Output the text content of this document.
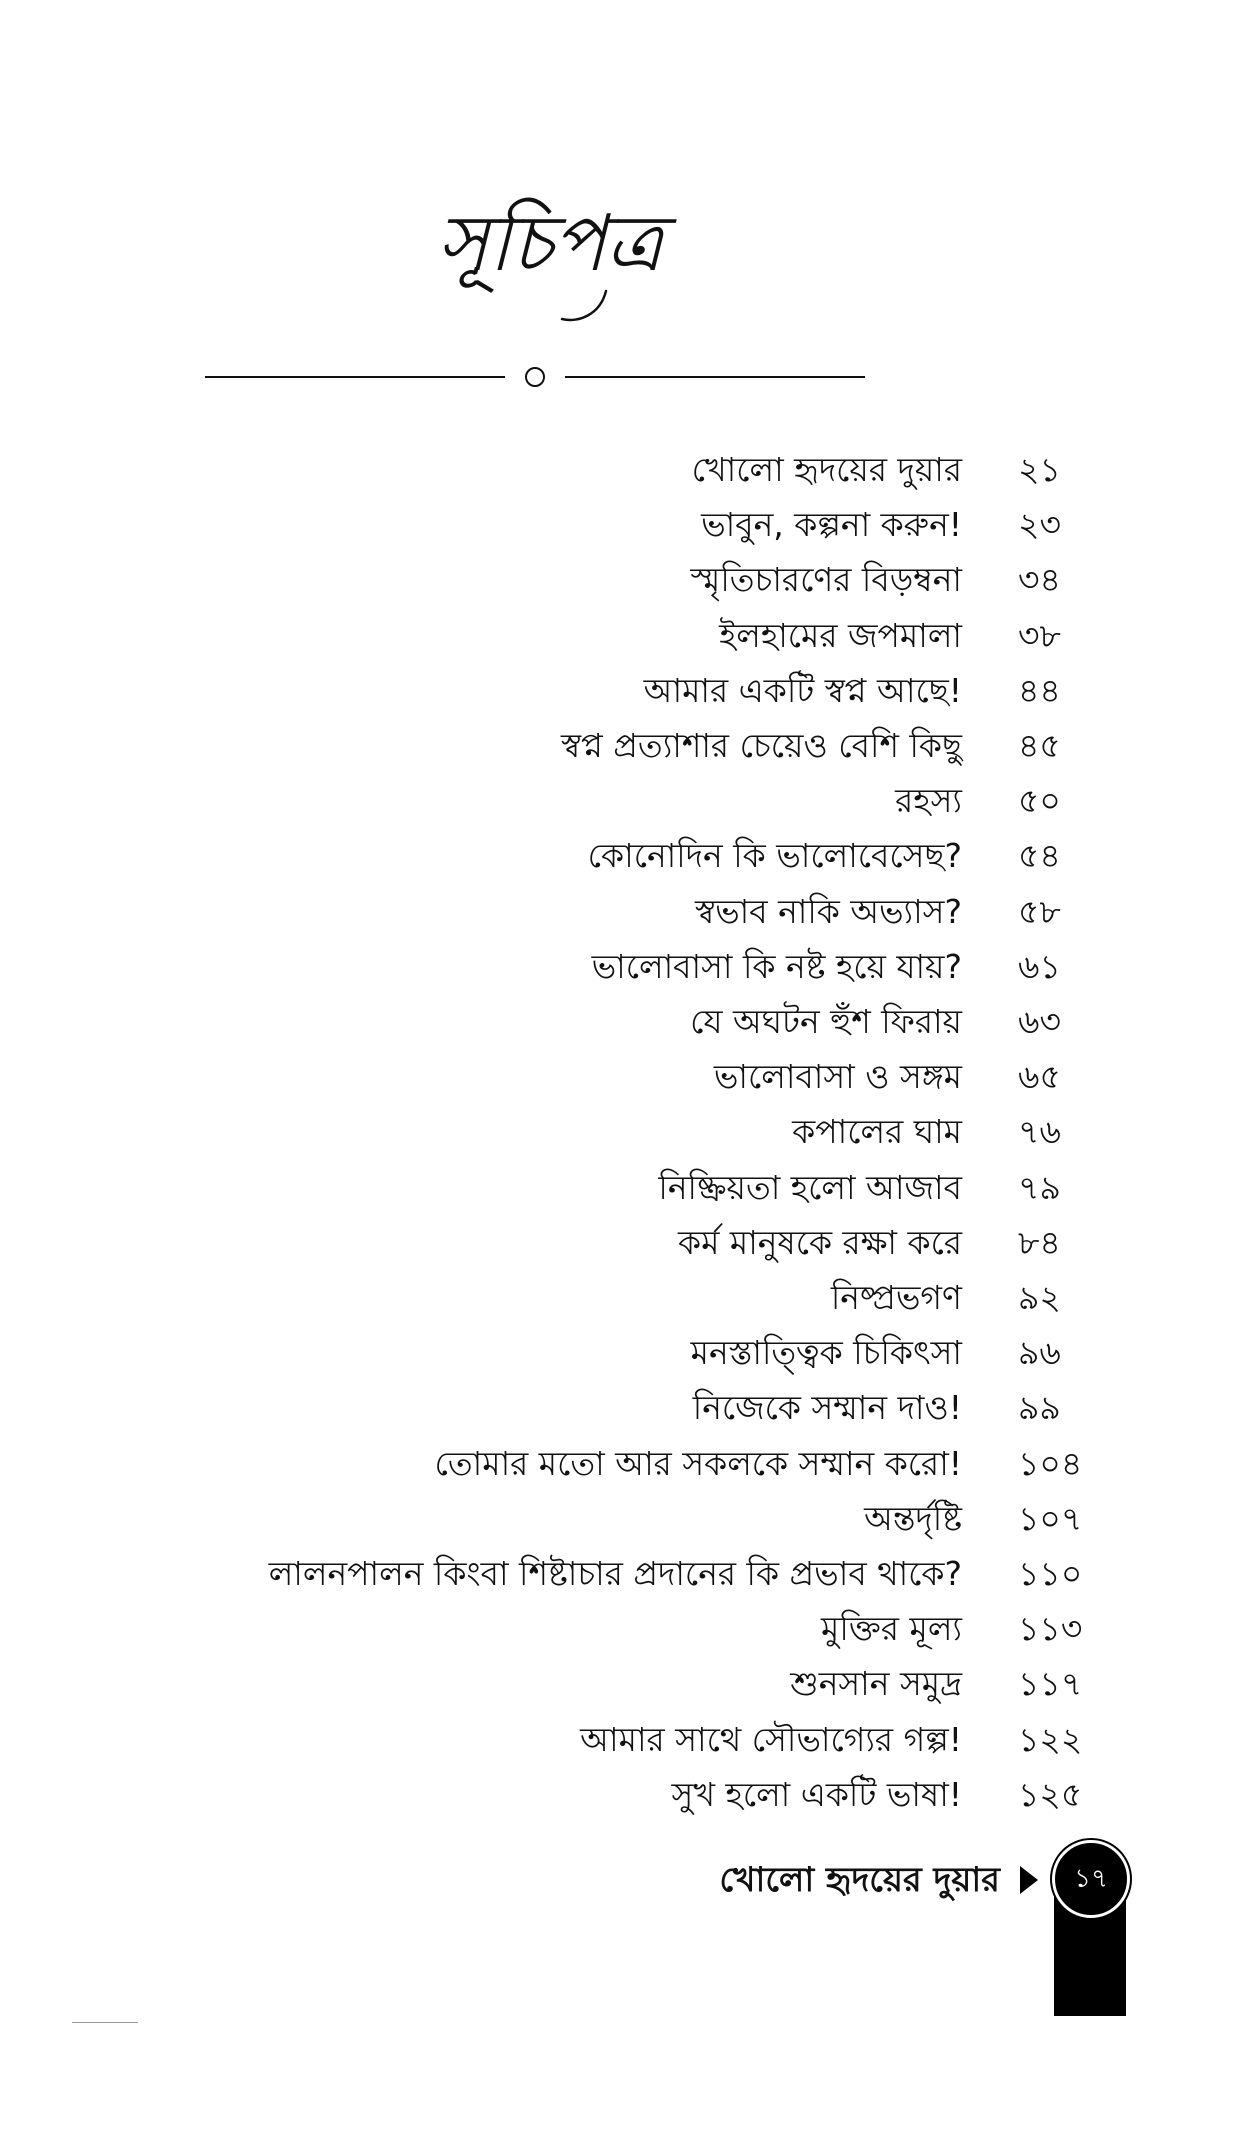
সূচিপত্র
খোলো হৃদয়ের দুয়ার ২১
ভাবুন, কল্পনা করুন! ২৩
স্মৃতিচারণের বিড়ম্বনা ৩৪
ইলহামের জপমালা ৩৮
আমার একটি স্বপ্ন আছে! ৪৪
স্বপ্ন প্রত্যাশার চেয়েও বেশি কিছু ৪৫
রহস্য ৫০
কোনোদিন কি ভালোবেসেছ? ৫৪
স্বভাব নাকি অভ্যাস? ৫৮
ভালোবাসা কি নষ্ট হয়ে যায়? ৬১
যে অঘটন হুঁশ ফিরায় ৬৩
ভালোবাসা ও সঙ্গম ৬৫
কপালের ঘাম ৭৬
নিষ্ক্রিয়তা হলো আজাব ৭৯
কর্ম মানুষকে রক্ষা করে ৮৪
নিষ্প্রভগণ ৯২
মনস্তাত্ত্বিক চিকিৎসা ৯৬
নিজেকে সম্মান দাও! ৯৯
তোমার মতো আর সকলকে সম্মান করো! ১০৪
অন্তর্দৃষ্টি ১০৭
লালনপালন কিংবা শিষ্টাচার প্রদানের কি প্রভাব থাকে? ১১০
মুক্তির মূল্য ১১৩
শুনসান সমুদ্র ১১৭
আমার সাথে সৌভাগ্যের গল্প! ১২২
সুখ হলো একটি ভাষা! ১২৫
খোলো হৃদয়ের দুয়ার	১৭
